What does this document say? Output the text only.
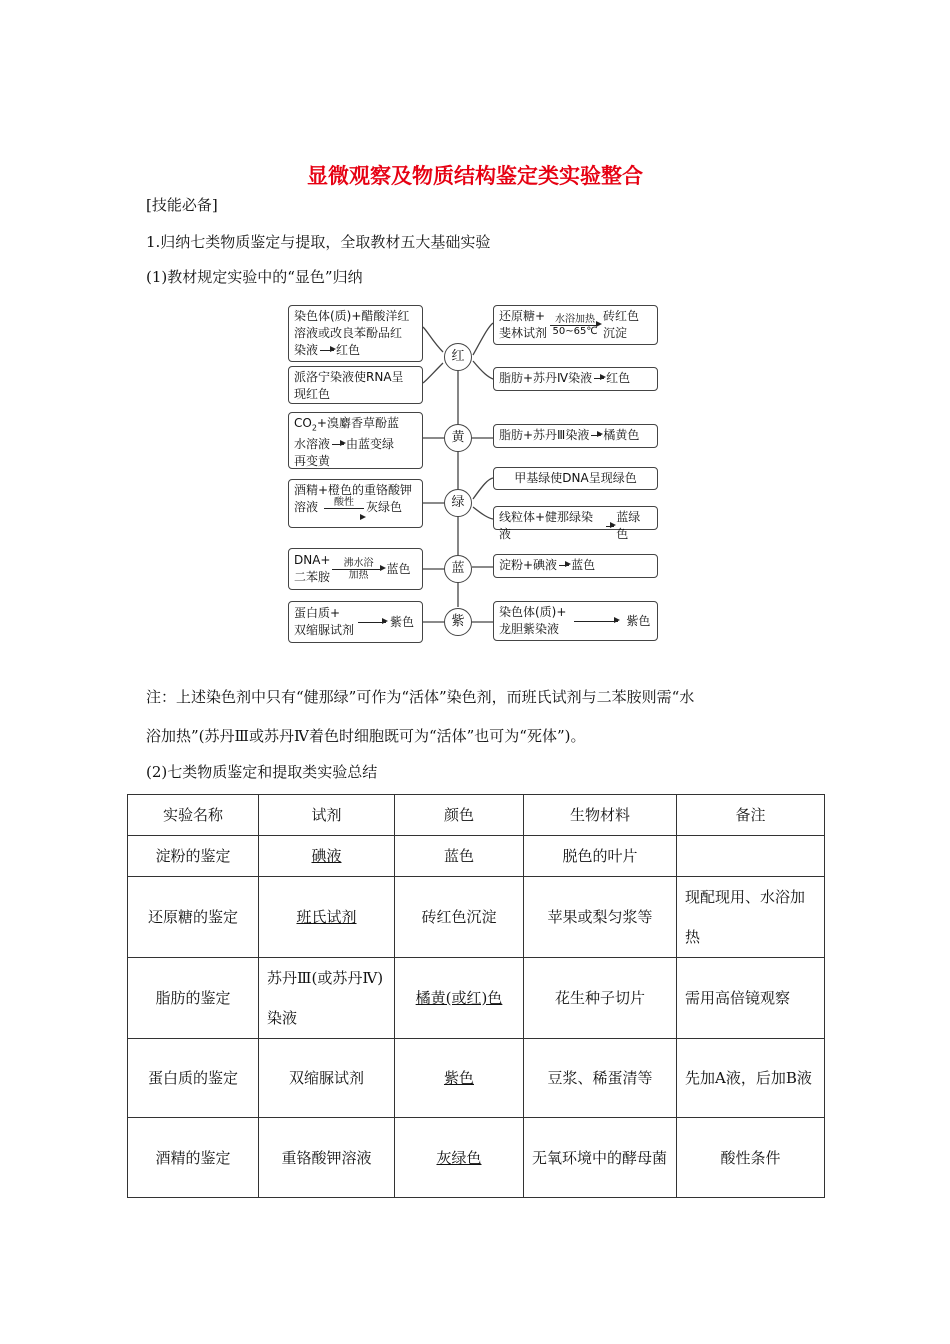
显微观察及物质结构鉴定类实验整合
[技能必备]
1.归纳七类物质鉴定与提取，全取教材五大基础实验
(1)教材规定实验中的“显色”归纳
红
黄
绿
蓝
紫
染色体(质)+醋酸洋红
溶液或改良苯酚品红
染液 红色
派洛宁染液使RNA呈
现红色
$CO_2+$溴麝香草酚蓝
水溶液 由蓝变绿
再变黄
酒精+橙色的重铬酸钾
溶液	酸性	灰绿色
DNA+
二苯胺
沸水浴
加热	蓝色
蛋白质+
双缩脲试剂
紫色
还原糖+
斐林试剂
水浴加热
50~65℃
砖红色
沉淀
脂肪+苏丹Ⅳ染液 红色
脂肪+苏丹Ⅲ染液 橘黄色
甲基绿使DNA呈现绿色
线粒体+健那绿染液
蓝绿色
淀粉+碘液 蓝色
染色体(质)+
龙胆紫染液
紫色
注：上述染色剂中只有“健那绿”可作为“活体”染色剂，而班氏试剂与二苯胺则需“水
浴加热”(苏丹Ⅲ或苏丹Ⅳ着色时细胞既可为“活体”也可为“死体”)。
(2)七类物质鉴定和提取类实验总结
实验名称	试剂	颜色	生物材料	备注
淀粉的鉴定	碘液	蓝色	脱色的叶片	
还原糖的鉴定	班氏试剂	砖红色沉淀	苹果或梨匀浆等	现配现用、水浴加热
脂肪的鉴定	苏丹Ⅲ(或苏丹Ⅳ)染液	橘黄(或红)色	花生种子切片	需用高倍镜观察
蛋白质的鉴定	双缩脲试剂	紫色	豆浆、稀蛋清等	先加A液，后加B液
酒精的鉴定	重铬酸钾溶液	灰绿色	无氧环境中的酵母菌	酸性条件
